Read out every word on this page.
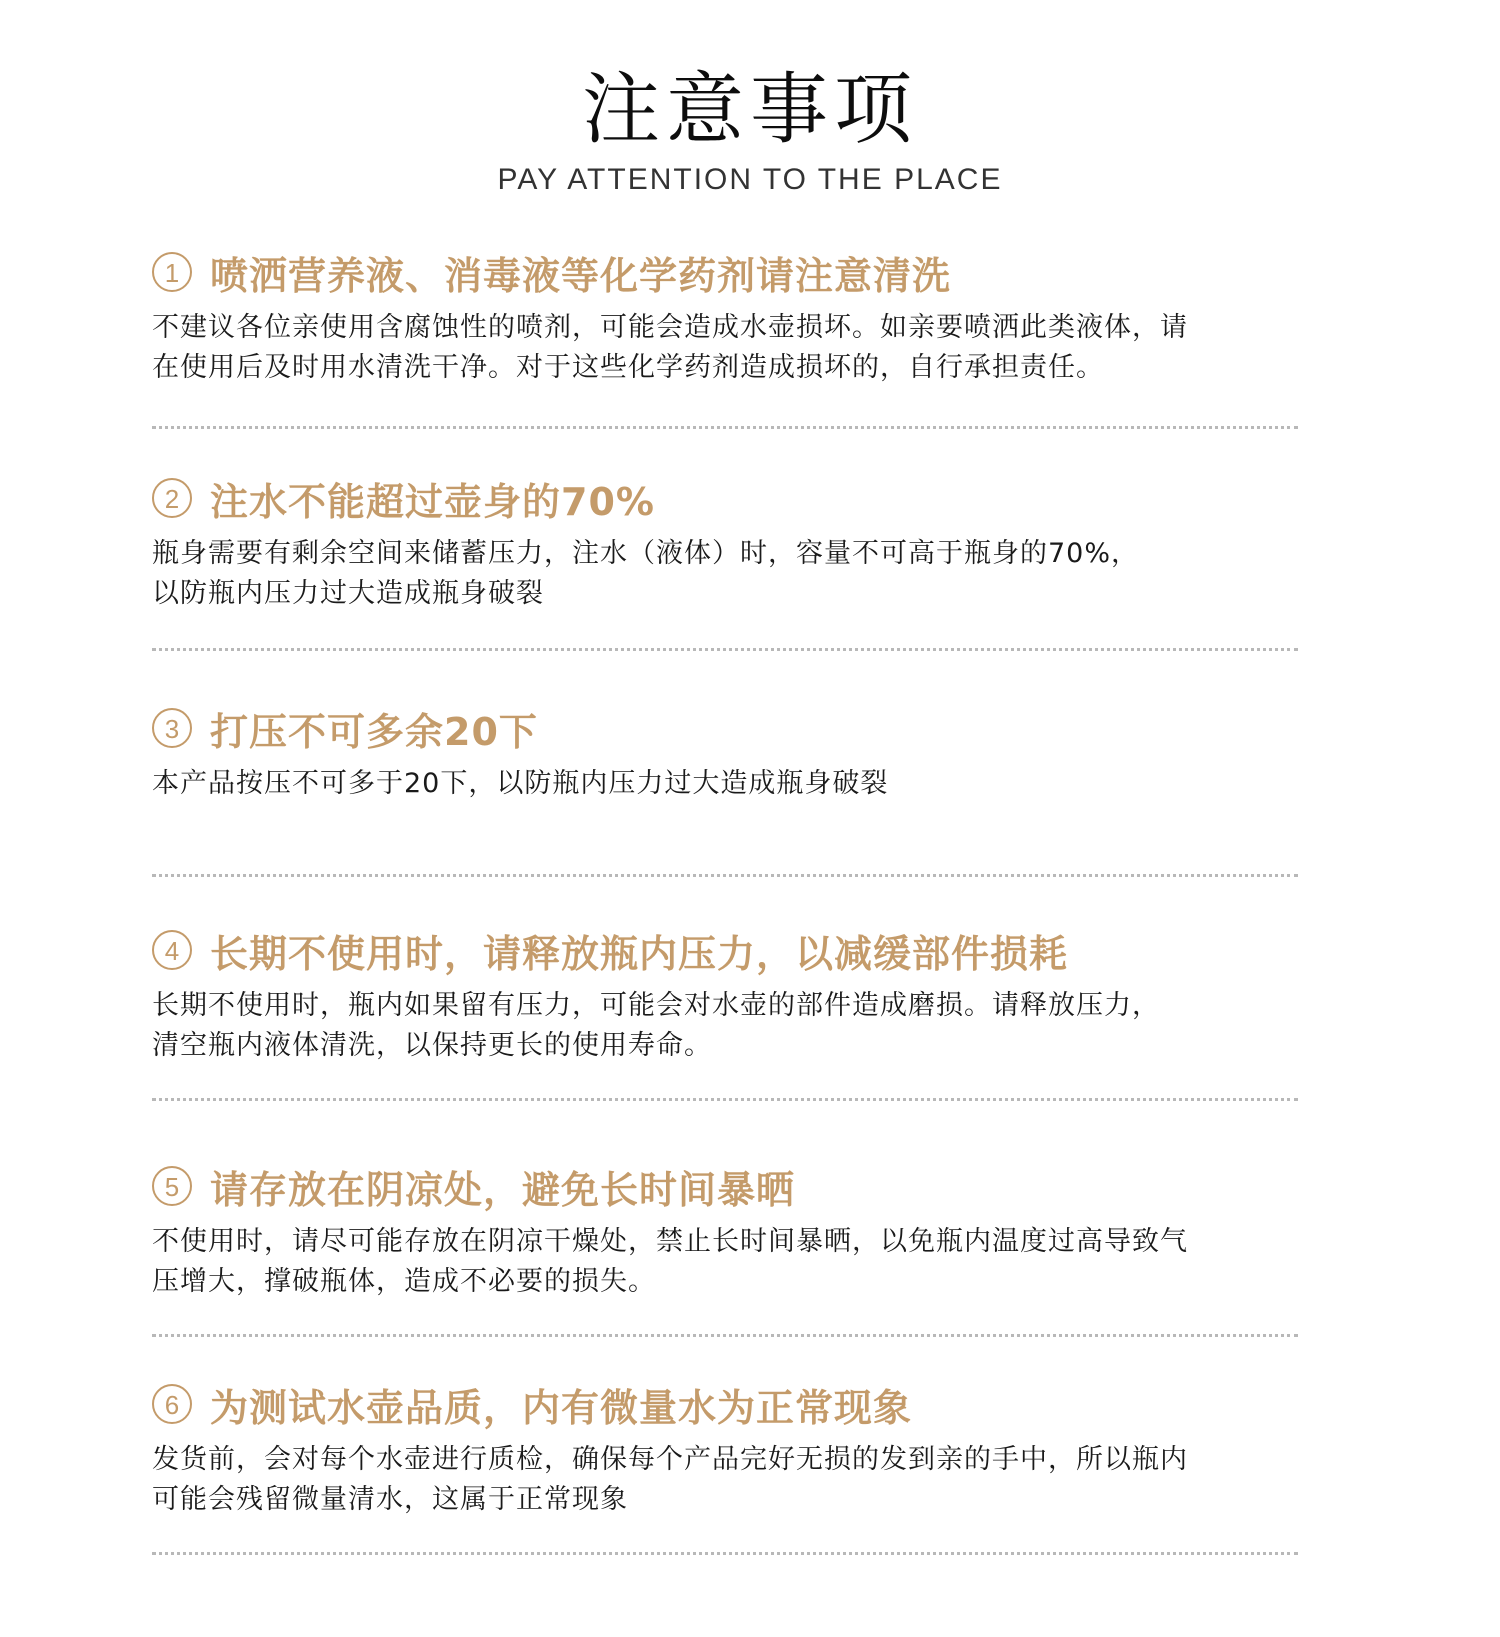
注意事项
PAY ATTENTION TO THE PLACE
1 喷洒营养液、消毒液等化学药剂请注意清洗
不建议各位亲使用含腐蚀性的喷剂，可能会造成水壶损坏。如亲要喷洒此类液体，请
在使用后及时用水清洗干净。对于这些化学药剂造成损坏的，自行承担责任。
2 注水不能超过壶身的70%
瓶身需要有剩余空间来储蓄压力，注水（液体）时，容量不可高于瓶身的70%，
以防瓶内压力过大造成瓶身破裂
3 打压不可多余20下
本产品按压不可多于20下，以防瓶内压力过大造成瓶身破裂
4 长期不使用时，请释放瓶内压力，以减缓部件损耗
长期不使用时，瓶内如果留有压力，可能会对水壶的部件造成磨损。请释放压力，
清空瓶内液体清洗，以保持更长的使用寿命。
5 请存放在阴凉处，避免长时间暴晒
不使用时，请尽可能存放在阴凉干燥处，禁止长时间暴晒，以免瓶内温度过高导致气
压增大，撑破瓶体，造成不必要的损失。
6 为测试水壶品质，内有微量水为正常现象
发货前，会对每个水壶进行质检，确保每个产品完好无损的发到亲的手中，所以瓶内
可能会残留微量清水，这属于正常现象
